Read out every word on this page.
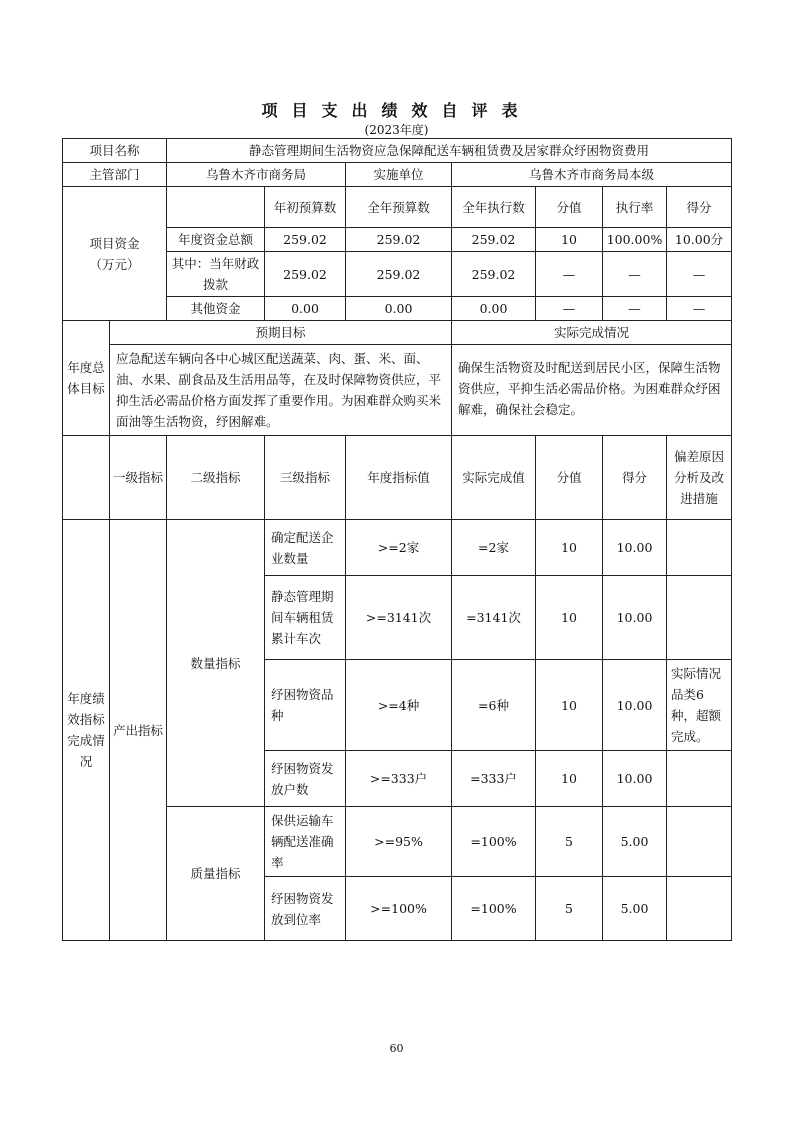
项目支出绩效自评表
(2023年度)
项目名称		静态管理期间生活物资应急保障配送车辆租赁费及居家群众纾困物资费用						
主管部门		乌鲁木齐市商务局		实施单位	乌鲁木齐市商务局本级			
项目资金
（万元）			年初预算数	全年预算数	全年执行数	分值	执行率	得分
		年度资金总额	259.02	259.02	259.02	10	100.00%	10.00分
		其中：当年财政拨款	259.02	259.02	259.02	—	—	—
		其他资金	0.00	0.00	0.00	—	—	—
年度总体目标	预期目标				实际完成情况			
	应急配送车辆向各中心城区配送蔬菜、肉、蛋、米、面、油、水果、副食品及生活用品等，在及时保障物资供应，平抑生活必需品价格方面发挥了重要作用。为困难群众购买米面油等生活物资，纾困解难。				确保生活物资及时配送到居民小区，保障生活物资供应，平抑生活必需品价格。为困难群众纾困解难，确保社会稳定。			
	一级指标	二级指标	三级指标	年度指标值	实际完成值	分值	得分	偏差原因分析及改进措施
年度绩效指标完成情况	产出指标	数量指标	确定配送企业数量	>=2家	=2家	10	10.00	
			静态管理期间车辆租赁累计车次	>=3141次	=3141次	10	10.00	
			纾困物资品种	>=4种	=6种	10	10.00	实际情况品类6种，超额完成。
			纾困物资发放户数	>=333户	=333户	10	10.00	
		质量指标	保供运输车辆配送准确率	>=95%	=100%	5	5.00	
			纾困物资发放到位率	>=100%	=100%	5	5.00	
60
